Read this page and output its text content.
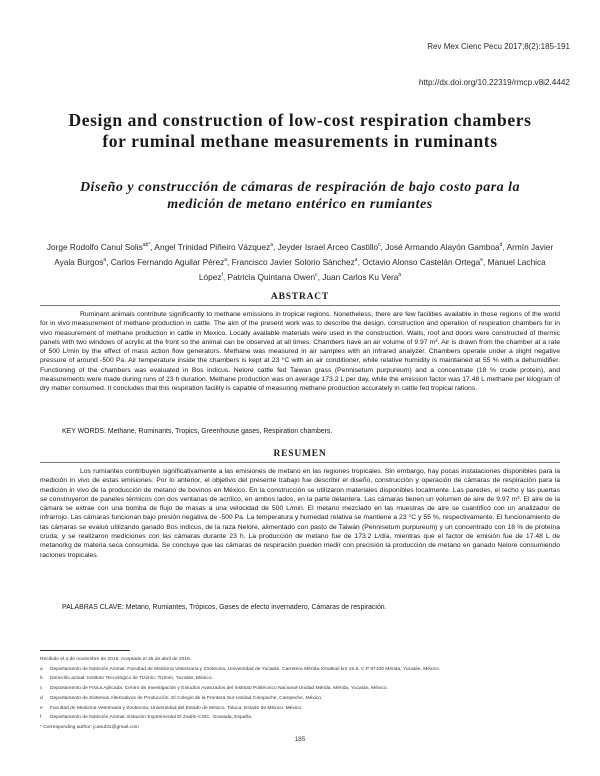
Rev Mex Cienc Pecu 2017;8(2):185-191
http://dx.doi.org/10.22319/rmcp.v8i2.4442
Design and construction of low-cost respiration chambers for ruminal methane measurements in ruminants
Diseño y construcción de cámaras de respiración de bajo costo para la medición de metano entérico en rumiantes
Jorge Rodolfo Canul Solis$^{ab*}$, Angel Trinidad Piñeiro Vázquez$^a$, Jeyder Israel Arceo Castillo$^c$, José Armando Alayón Gamboa$^d$, Armín Javier Ayala Burgos$^a$, Carlos Fernando Aguilar Pérez$^a$, Francisco Javier Solorio Sánchez$^a$, Octavio Alonso Castelán Ortega$^e$, Manuel Lachica López$^f$, Patricia Quintana Owen$^c$, Juan Carlos Ku Vera$^a$
ABSTRACT

Ruminant animals contribute significantly to methane emissions in tropical regions. Nonetheless, there are few facilities available in those regions of the world for in vivo measurement of methane production in cattle. The aim of the present work was to describe the design, construction and operation of respiration chambers for in vivo measurement of methane production in cattle in Mexico. Locally available materials were used in the construction. Walls, roof and doors were constructed of thermic panels with two windows of acrylic at the front so the animal can be observed at all times. Chambers have an air volume of 9.97 m³. Air is drawn from the chamber at a rate of 500 L/min by the effect of mass action flow generators. Methane was measured in air samples with an infrared analyzer. Chambers operate under a slight negative pressure of around -500 Pa. Air temperature inside the chambers is kept at 23 °C with an air conditioner, while relative humidity is maintained at 55 % with a dehumidifier. Functioning of the chambers was evaluated in Bos indicus. Nelore cattle fed Taiwan grass (Pennisetum purpureum) and a concentrate (18 % crude protein), and measurements were made during runs of 23 h duration. Methane production was on average 173.2 L per day, while the emission factor was 17.48 L methane per kilogram of dry matter consumed. It concludes that this respiration facility is capable of measuring methane production accurately in cattle fed tropical rations.

KEY WORDS: Methane, Ruminants, Tropics, Greenhouse gases, Respiration chambers.

RESUMEN

Los rumiantes contribuyen significativamente a las emisiones de metano en las regiones tropicales. Sin embargo, hay pocas instalaciones disponibles para la medición in vivo de estas emisiones. Por lo anterior, el objetivo del presente trabajo fue describir el diseño, construcción y operación de cámaras de respiración para la medición in vivo de la producción de metano de bovinos en México. En la construcción se utilizaron materiales disponibles localmente. Las paredes, el techo y las puertas se construyeron de paneles térmicos con dos ventanas de acrílico, en ambos lados, en la parte delantera. Las cámaras tienen un volumen de aire de 9.97 m³. El aire de la cámara se extrae con una bomba de flujo de masas a una velocidad de 500 L/min. El metano mezclado en las muestras de aire se cuantificó con un analizador de infrarrojo. Las cámaras funcionan bajo presión negativa de -500 Pa. La temperatura y humedad relativa se mantiene a 23 °C y 55 %, respectivamente. El funcionamiento de las cámaras se evaluó utilizando ganado Bos indicus, de la raza Nelore, alimentado con pasto de Taiwán (Pennisetum purpureum) y un concentrado con 18 % de proteína cruda; y se realizaron mediciones con las cámaras durante 23 h. La producción de metano fue de 173.2 L/día, mientras que el factor de emisión fue de 17.48 L de metano/kg de materia seca consumida. Se concluye que las cámaras de respiración pueden medir con precisión la producción de metano en ganado Nelore consumiendo raciones tropicales.

PALABRAS CLAVE: Metano, Rumiantes, Trópicos, Gases de efecto invernadero, Cámaras de respiración.

Recibido el 4 de noviembre de 2015. Aceptado el 26 de abril de 2016.
a Departamento de Nutrición Animal. Facultad de Medicina Veterinaria y Zootecnia. Universidad de Yucatán. Carretera Mérida-Xmatkuil km 15.5. C.P 97100 Mérida, Yucatán, México.
b Domicilio actual: Instituto Tecnológico de Tizimín. Tizimín, Yucatán, México.
c Departamento de Física Aplicada. Centro de Investigación y Estudios Avanzados del Instituto Politécnico Nacional-Unidad Mérida. Mérida, Yucatán, México.
d Departamento de Sistemas Alternativos de Producción. El Colegio de la Frontera Sur-Unidad Campeche, Campeche, México.
e Facultad de Medicina Veterinaria y Zootecnia, Universidad del Estado de México. Toluca, Estado de México. México.
f Departamento de Nutrición Animal. Estación Experimental El Zaidín-CSIC. Granada, España.
* Corresponding author: jcanul31@gmail.com
185
